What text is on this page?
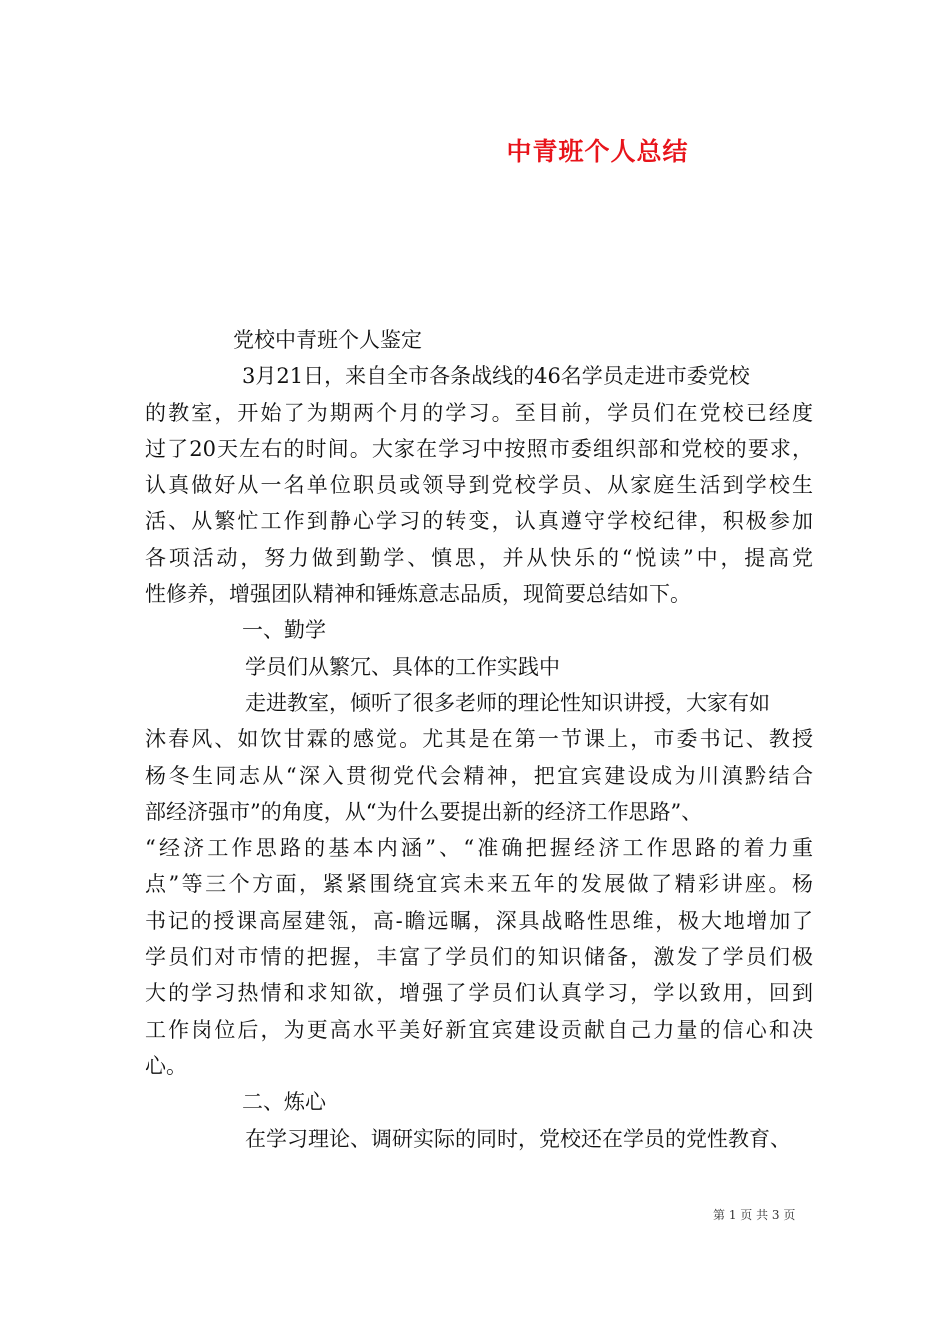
中青班个人总结
党校中青班个人鉴定
3月21日，来自全市各条战线的46名学员走进市委党校
的教室，开始了为期两个月的学习。至目前，学员们在党校已经度
过了20天左右的时间。大家在学习中按照市委组织部和党校的要求，
认真做好从一名单位职员或领导到党校学员、从家庭生活到学校生
活、从繁忙工作到静心学习的转变，认真遵守学校纪律，积极参加
各项活动，努力做到勤学、慎思，并从快乐的“悦读”中，提高党
性修养，增强团队精神和锤炼意志品质，现简要总结如下。
一、勤学
学员们从繁冗、具体的工作实践中
走进教室，倾听了很多老师的理论性知识讲授，大家有如
沐春风、如饮甘霖的感觉。尤其是在第一节课上，市委书记、教授
杨冬生同志从“深入贯彻党代会精神，把宜宾建设成为川滇黔结合
部经济强市”的角度，从“为什么要提出新的经济工作思路”、
“经济工作思路的基本内涵”、“准确把握经济工作思路的着力重
点”等三个方面，紧紧围绕宜宾未来五年的发展做了精彩讲座。杨
书记的授课高屋建瓴，高-瞻远瞩，深具战略性思维，极大地增加了
学员们对市情的把握，丰富了学员们的知识储备，激发了学员们极
大的学习热情和求知欲，增强了学员们认真学习，学以致用，回到
工作岗位后，为更高水平美好新宜宾建设贡献自己力量的信心和决
心。
二、炼心
在学习理论、调研实际的同时，党校还在学员的党性教育、
第 1 页 共 3 页
